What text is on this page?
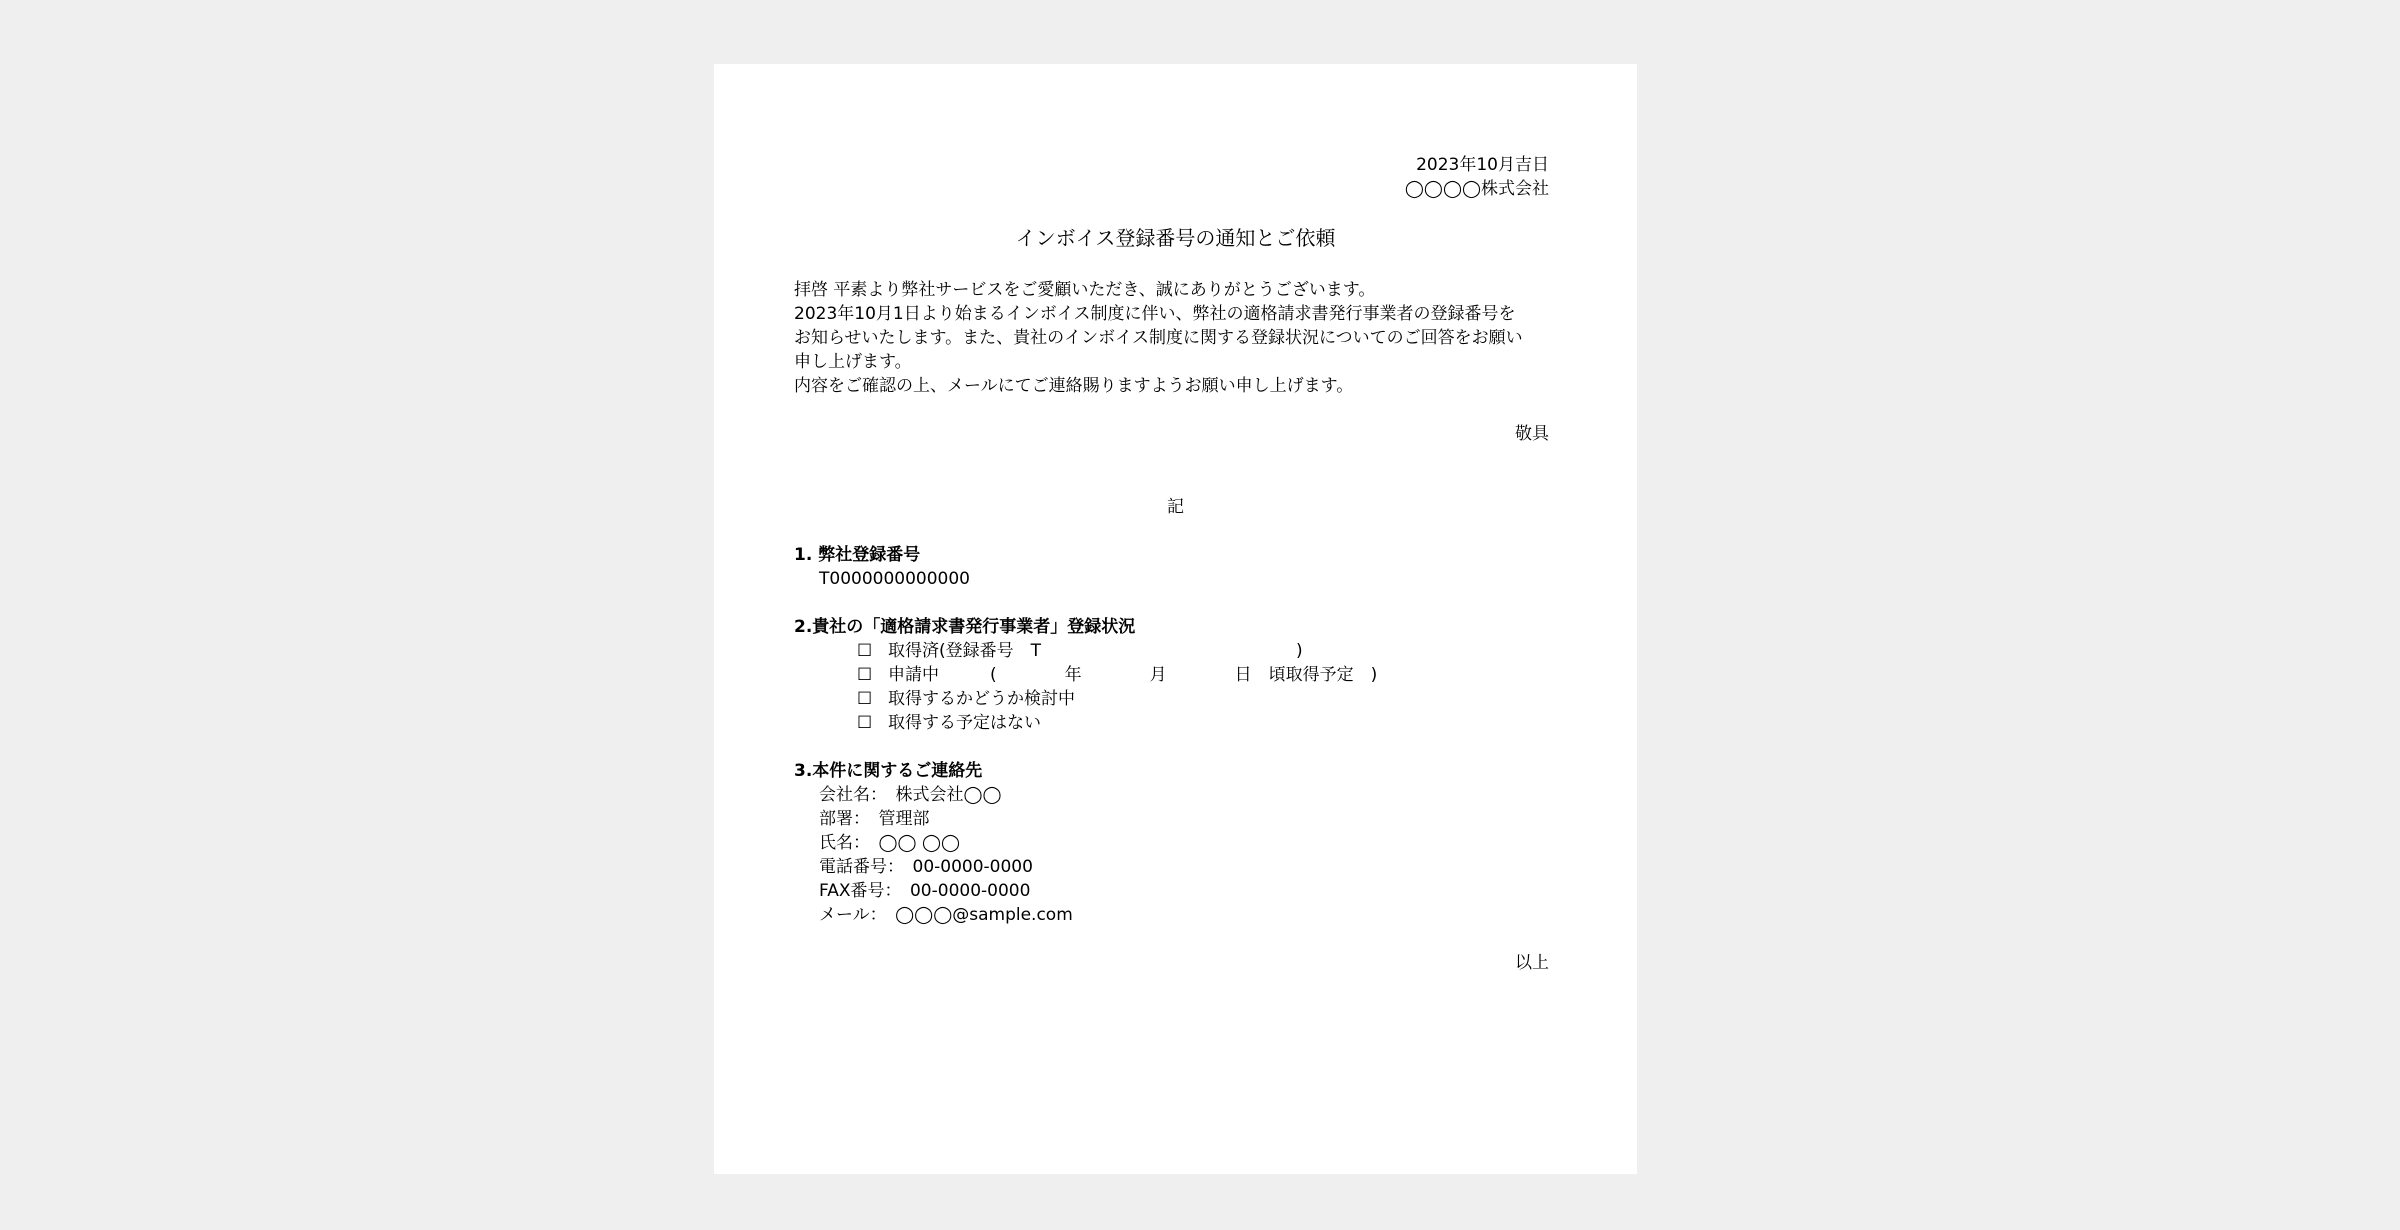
2023年10月吉日

◯◯◯◯株式会社

インボイス登録番号の通知とご依頼

拝啓 平素より弊社サービスをご愛顧いただき、誠にありがとうございます。

2023年10月1日より始まるインボイス制度に伴い、弊社の適格請求書発行事業者の登録番号を

お知らせいたします。また、貴社のインボイス制度に関する登録状況についてのご回答をお願い

申し上げます。

内容をご確認の上、メールにてご連絡賜りますようお願い申し上げます。

敬具

記

1. 弊社登録番号

T0000000000000

2.貴社の「適格請求書発行事業者」登録状況

☐ 取得済(登録番号　T　　　　　　　　　　　　　　　)

☐ 申請中　　　(　　　　年　　　　月　　　　日　頃取得予定　)

☐ 取得するかどうか検討中

☐ 取得する予定はない

3.本件に関するご連絡先

会社名：　株式会社◯◯

部署：　管理部

氏名：　◯◯ ◯◯

電話番号：　00-0000-0000

FAX番号：　00-0000-0000

メール：　◯◯◯@sample.com

以上
